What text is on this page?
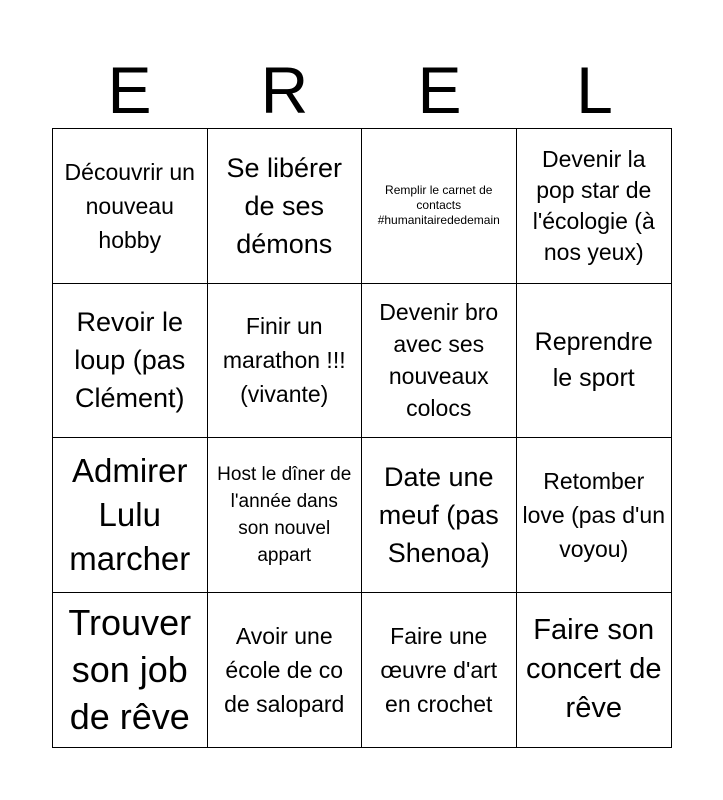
E	R	E	L
Découvrir un nouveau hobby
Se libérer de ses démons
Remplir le carnet de contacts #humanitairededemain
Devenir la pop star de l'écologie (à nos yeux)
Revoir le loup (pas Clément)
Finir un marathon !!! (vivante)
Devenir bro avec ses nouveaux colocs
Reprendre le sport
Admirer Lulu marcher
Host le dîner de l'année dans son nouvel appart
Date une meuf (pas Shenoa)
Retomber love (pas d'un voyou)
Trouver son job de rêve
Avoir une école de co de salopard
Faire une œuvre d'art en crochet
Faire son concert de rêve
